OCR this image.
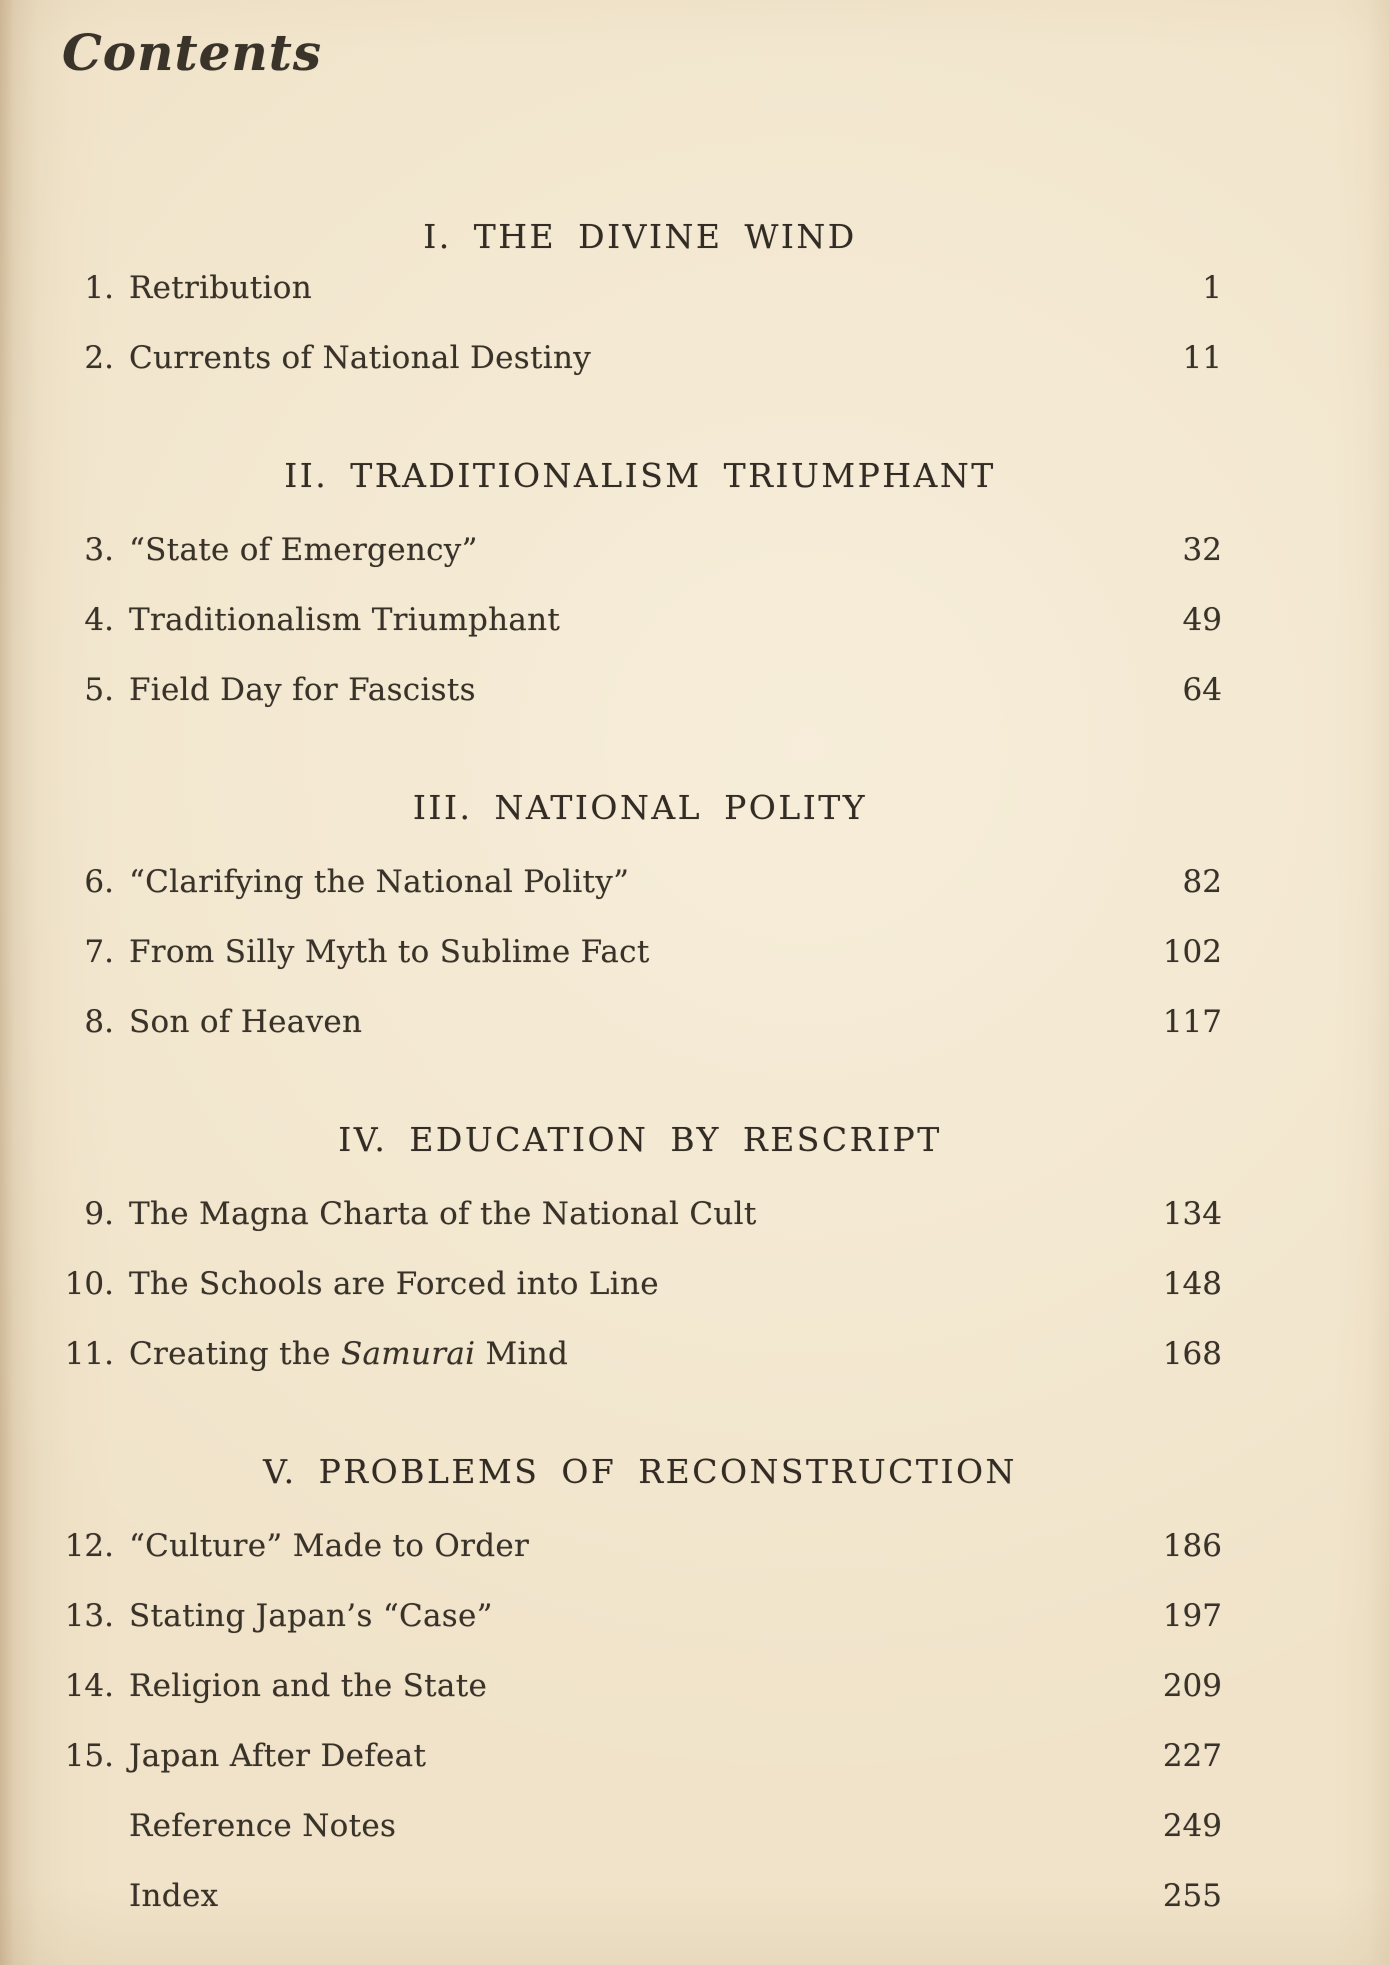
Contents
I. THE DIVINE WIND
1. Retribution	1
2. Currents of National Destiny	11
II. TRADITIONALISM TRIUMPHANT
3. “State of Emergency”	32
4. Traditionalism Triumphant	49
5. Field Day for Fascists	64
III. NATIONAL POLITY
6. “Clarifying the National Polity”	82
7. From Silly Myth to Sublime Fact	102
8. Son of Heaven	117
IV. EDUCATION BY RESCRIPT
9. The Magna Charta of the National Cult	134
10. The Schools are Forced into Line	148
11. Creating the Samurai Mind	168
V. PROBLEMS OF RECONSTRUCTION
12. “Culture” Made to Order	186
13. Stating Japan’s “Case”	197
14. Religion and the State	209
15. Japan After Defeat	227
Reference Notes	249
Index	255
